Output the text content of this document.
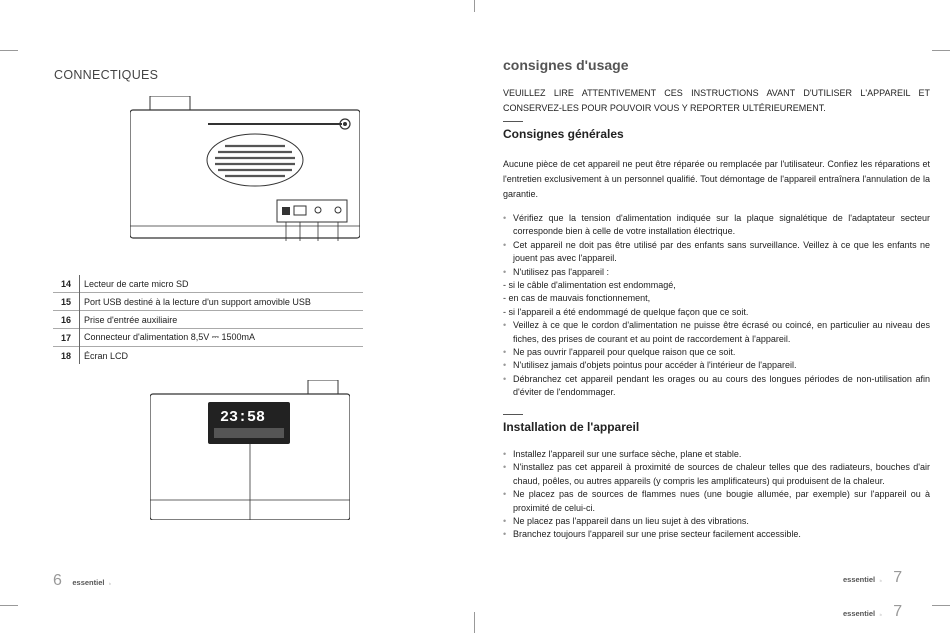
CONNECTIQUES
14	Lecteur de carte micro SD
15	Port USB destiné à la lecture d'un support amovible USB
16	Prise d'entrée auxiliaire
17	Connecteur d'alimentation 8,5V ⎓ 1500mA
18	Écran LCD
23:58
6 essentiel b
consignes d'usage

VEUILLEZ LIRE ATTENTIVEMENT CES INSTRUCTIONS AVANT D'UTILISER L'APPAREIL ET CONSERVEZ-LES POUR POUVOIR VOUS Y REPORTER ULTÉRIEUREMENT.

Consignes générales

Aucune pièce de cet appareil ne peut être réparée ou remplacée par l'utilisateur. Confiez les réparations et l'entretien exclusivement à un personnel qualifié. Tout démontage de l'appareil entraînera l'annulation de la garantie.

• Vérifiez que la tension d'alimentation indiquée sur la plaque signalétique de l'adaptateur secteur corresponde bien à celle de votre installation électrique.
• Cet appareil ne doit pas être utilisé par des enfants sans surveillance. Veillez à ce que les enfants ne jouent pas avec l'appareil.
• N'utilisez pas l'appareil :
- si le câble d'alimentation est endommagé,
- en cas de mauvais fonctionnement,
- si l'appareil a été endommagé de quelque façon que ce soit.
• Veillez à ce que le cordon d'alimentation ne puisse être écrasé ou coincé, en particulier au niveau des fiches, des prises de courant et au point de raccordement à l'appareil.
• Ne pas ouvrir l'appareil pour quelque raison que ce soit.
• N'utilisez jamais d'objets pointus pour accéder à l'intérieur de l'appareil.
• Débranchez cet appareil pendant les orages ou au cours des longues périodes de non-utilisation afin d'éviter de l'endommager.
Installation de l'appareil
• Installez l'appareil sur une surface sèche, plane et stable.
• N'installez pas cet appareil à proximité de sources de chaleur telles que des radiateurs, bouches d'air chaud, poêles, ou autres appareils (y compris les amplificateurs) qui produisent de la chaleur.
• Ne placez pas de sources de flammes nues (une bougie allumée, par exemple) sur l'appareil ou à proximité de celui-ci.
• Ne placez pas l'appareil dans un lieu sujet à des vibrations.
• Branchez toujours l'appareil sur une prise secteur facilement accessible.
essentiel b 7
essentiel b 7
